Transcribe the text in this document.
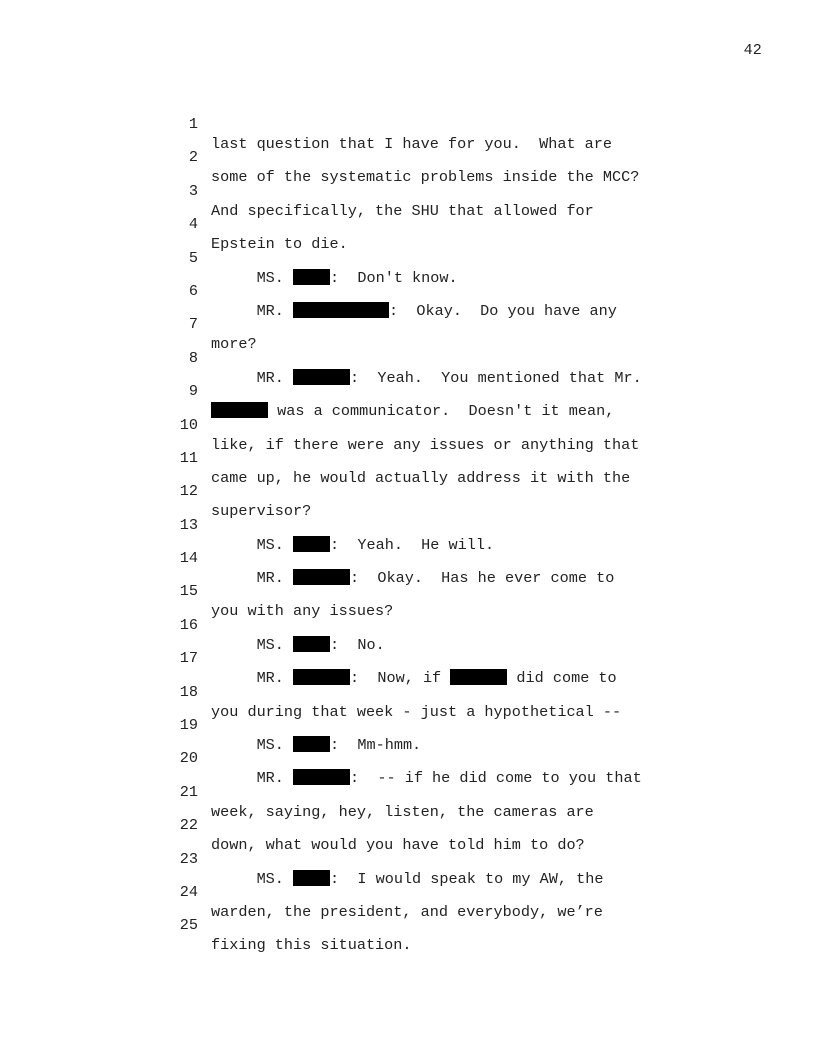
42

1

last question that I have for you.  What are

2

some of the systematic problems inside the MCC?

3

And specifically, the SHU that allowed for

4

Epstein to die.

5

MS. :  Don't know.

6

MR.	:  Okay.  Do you have any

7

more?

8

MR.	:  Yeah.  You mentioned that Mr.

9

was a communicator.  Doesn't it mean,

10

like, if there were any issues or anything that

11

came up, he would actually address it with the

12

supervisor?

13

MS. :  Yeah.  He will.

14

MR.	:  Okay.  Has he ever come to

15

you with any issues?

16

MS. :  No.

17

MR.	:  Now, if	did come to

18

you during that week - just a hypothetical --

19

MS. :  Mm-hmm.

20

MR.	:  -- if he did come to you that

21

week, saying, hey, listen, the cameras are

22

down, what would you have told him to do?

23

MS. :  I would speak to my AW, the

24

warden, the president, and everybody, we’re

25

fixing this situation.
